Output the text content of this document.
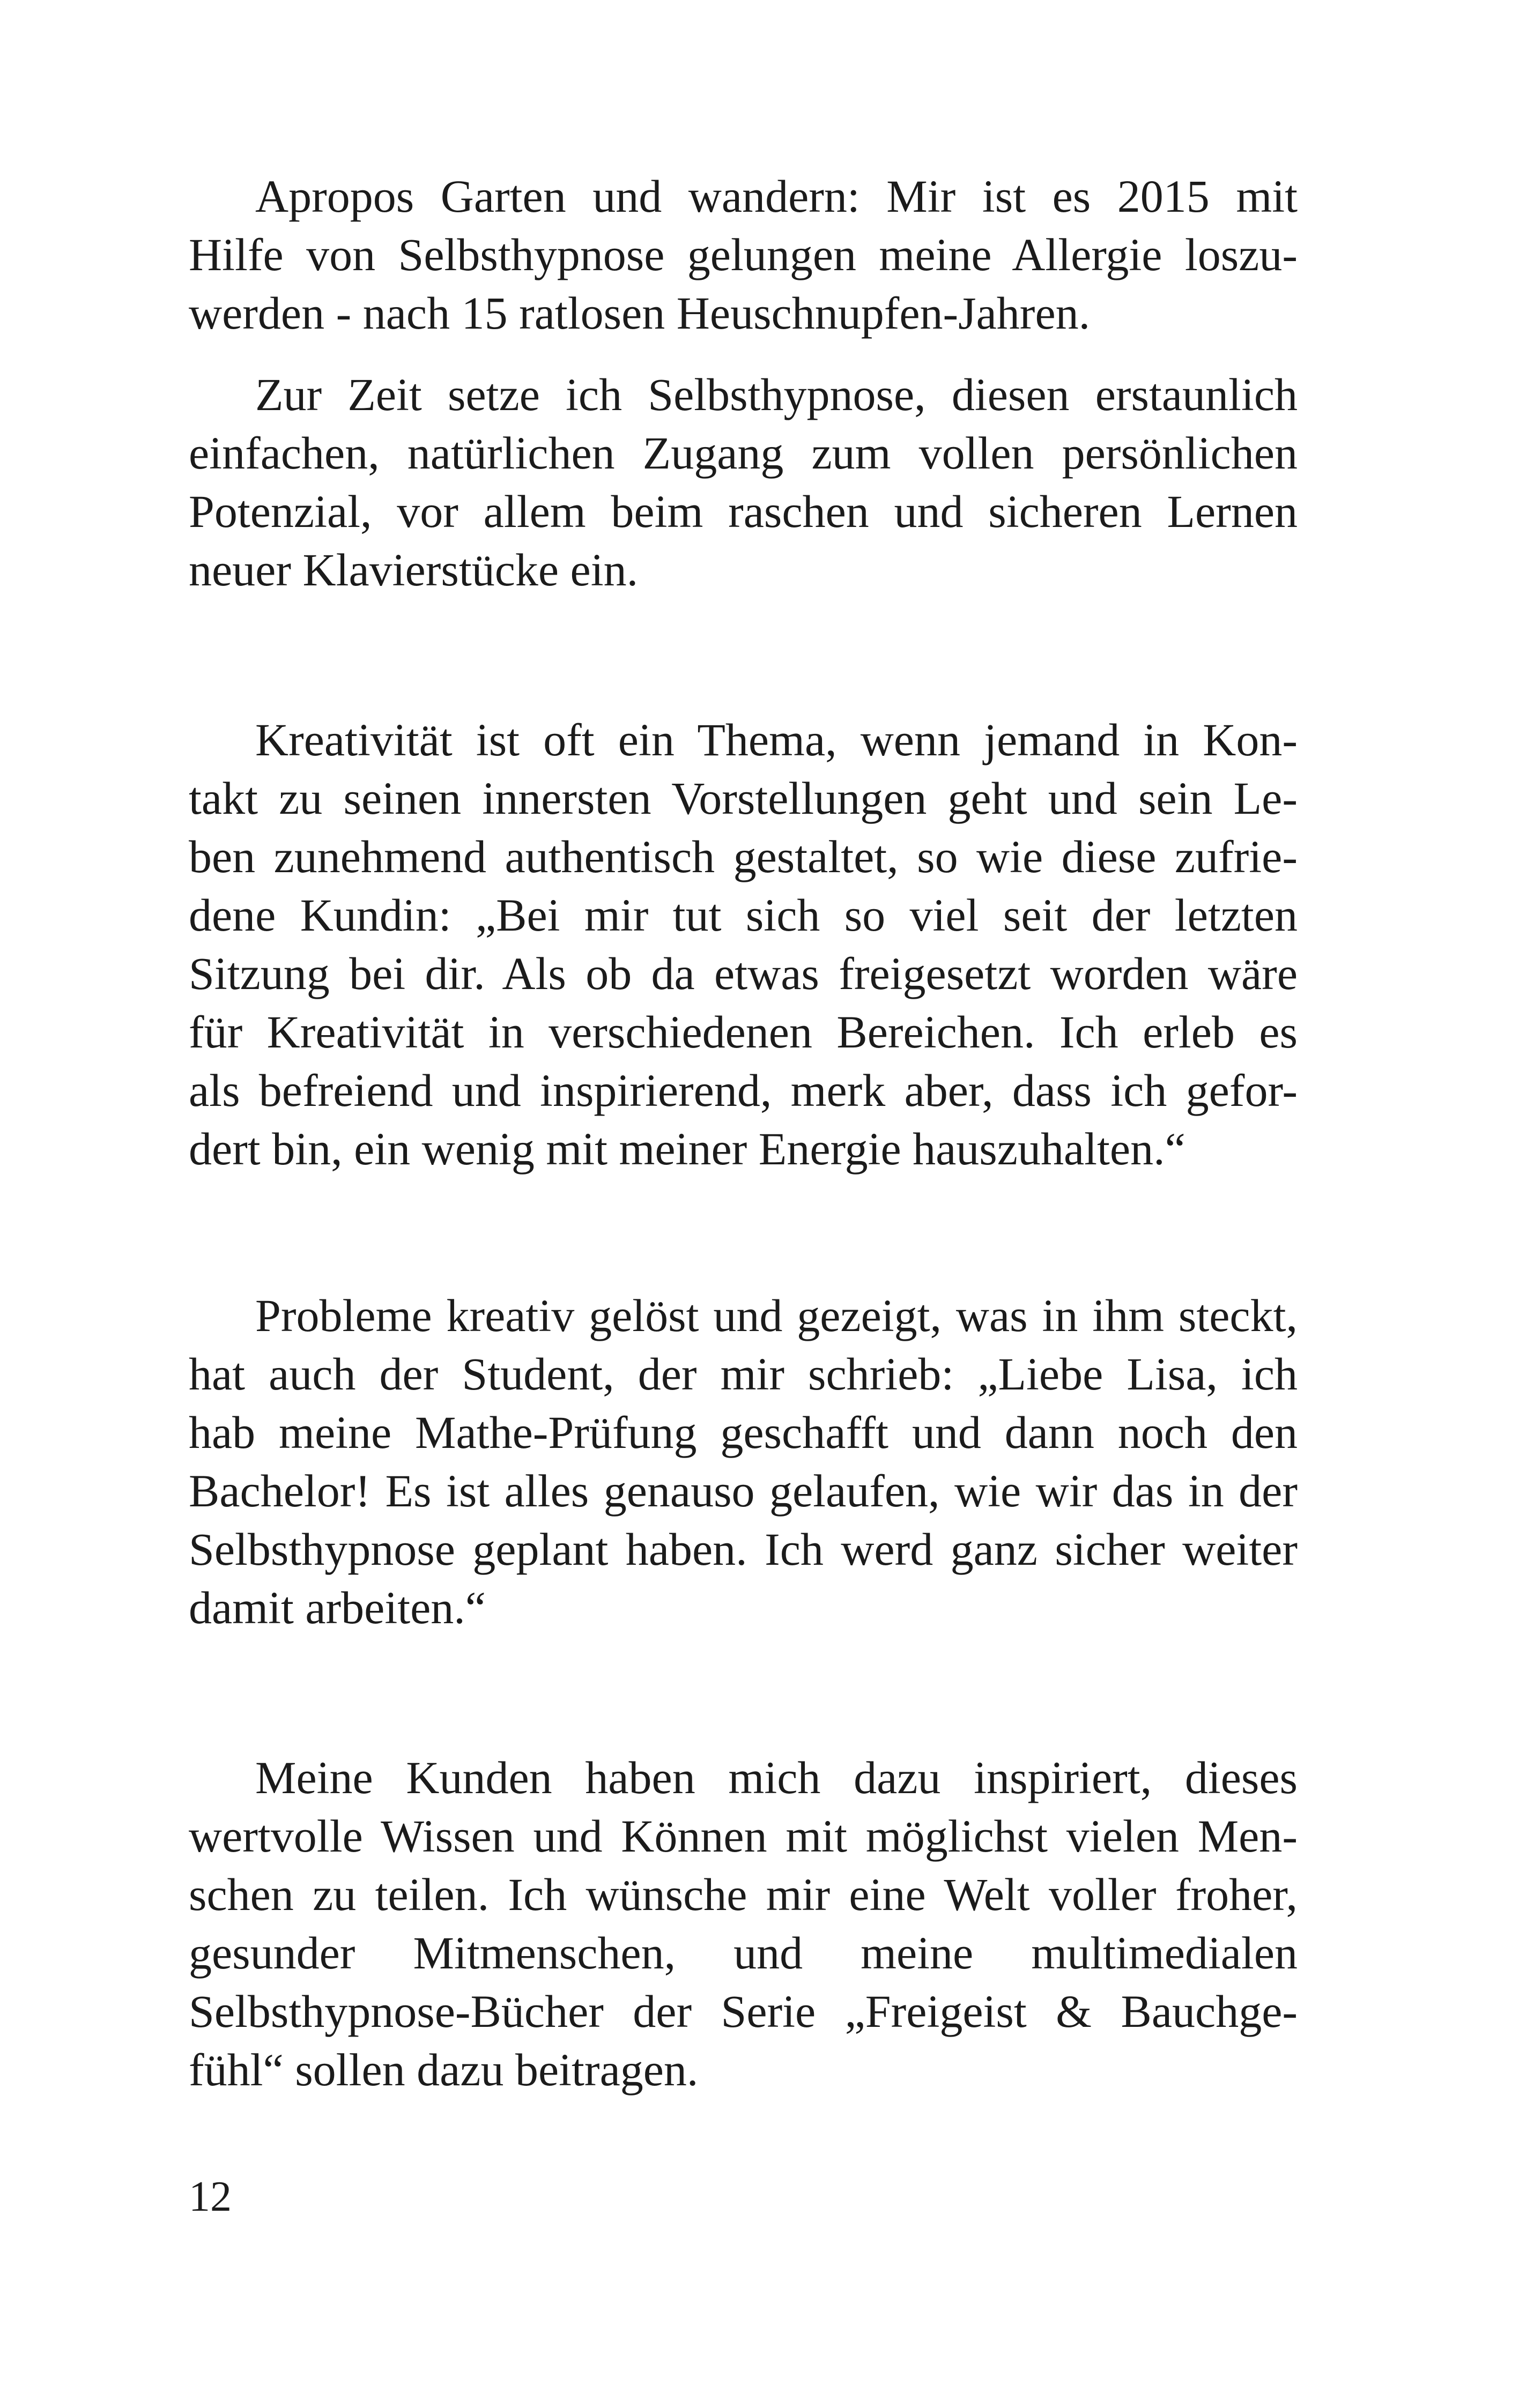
Apropos Garten und wandern: Mir ist es 2015 mit
Hilfe von Selbsthypnose gelungen meine Allergie loszu-
werden - nach 15 ratlosen Heuschnupfen-Jahren.
Zur Zeit setze ich Selbsthypnose, diesen erstaunlich
einfachen, natürlichen Zugang zum vollen persönlichen
Potenzial, vor allem beim raschen und sicheren Lernen
neuer Klavierstücke ein.
Kreativität ist oft ein Thema, wenn jemand in Kon-
takt zu seinen innersten Vorstellungen geht und sein Le-
ben zunehmend authentisch gestaltet, so wie diese zufrie-
dene Kundin: „Bei mir tut sich so viel seit der letzten
Sitzung bei dir. Als ob da etwas freigesetzt worden wäre
für Kreativität in verschiedenen Bereichen. Ich erleb es
als befreiend und inspirierend, merk aber, dass ich gefor-
dert bin, ein wenig mit meiner Energie hauszuhalten.“
Probleme kreativ gelöst und gezeigt, was in ihm steckt,
hat auch der Student, der mir schrieb: „Liebe Lisa, ich
hab meine Mathe-Prüfung geschafft und dann noch den
Bachelor! Es ist alles genauso gelaufen, wie wir das in der
Selbsthypnose geplant haben. Ich werd ganz sicher weiter
damit arbeiten.“
Meine Kunden haben mich dazu inspiriert, dieses
wertvolle Wissen und Können mit möglichst vielen Men-
schen zu teilen. Ich wünsche mir eine Welt voller froher,
gesunder Mitmenschen, und meine multimedialen
Selbsthypnose-Bücher der Serie „Freigeist & Bauchge-
fühl“ sollen dazu beitragen.

12
